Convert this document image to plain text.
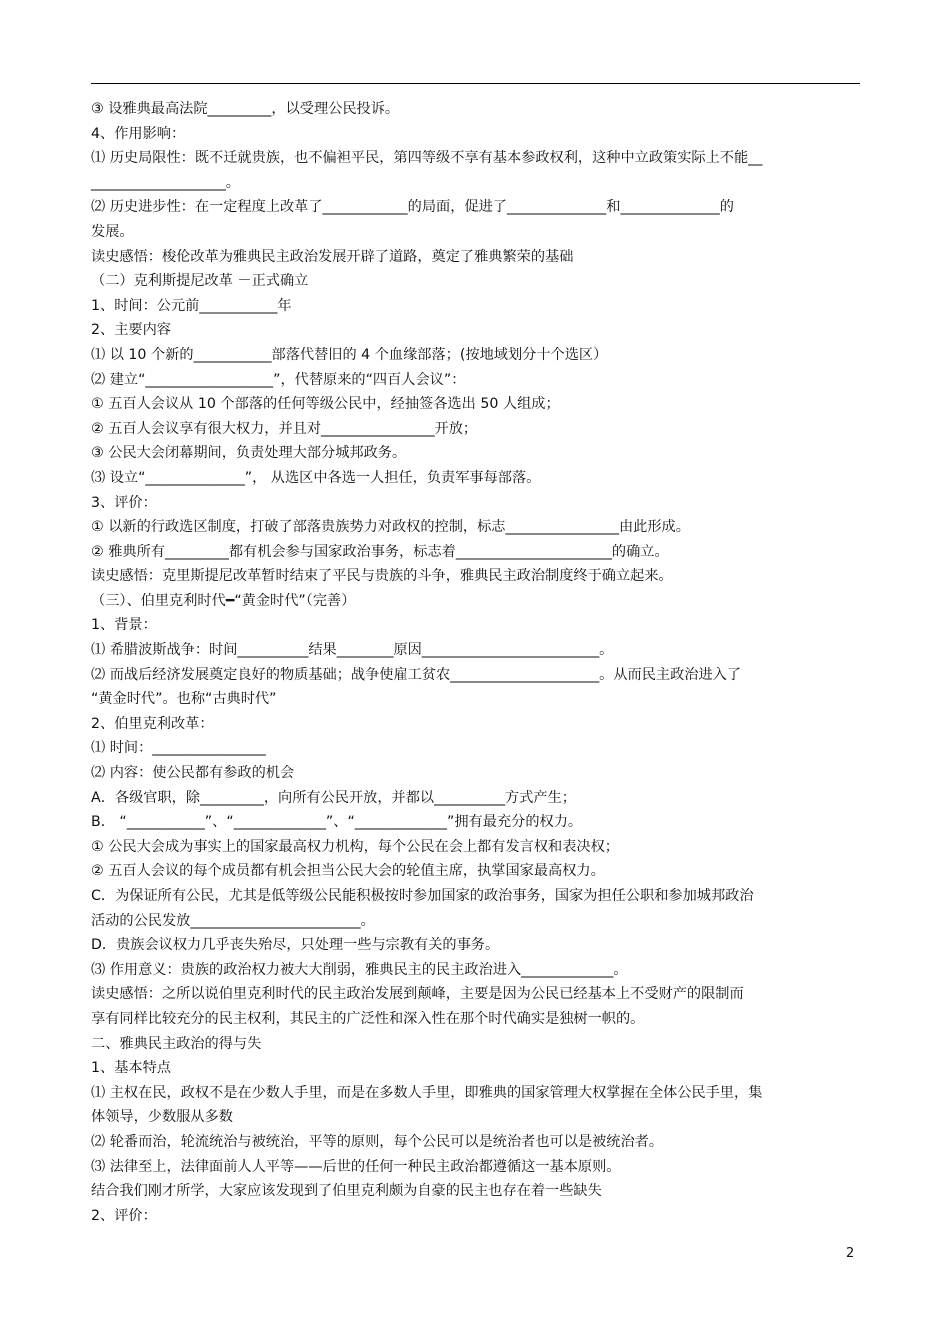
③ 设雅典最高法院_________，以受理公民投诉。
4、作用影响：
⑴ 历史局限性：既不迁就贵族，也不偏袒平民，第四等级不享有基本参政权利，这种中立政策实际上不能__
___________________。
⑵ 历史进步性：在一定程度上改革了____________的局面，促进了______________和______________的
发展。
读史感悟：梭伦改革为雅典民主政治发展开辟了道路，奠定了雅典繁荣的基础
（二）克利斯提尼改革 －正式确立
1、时间：公元前___________年
2、主要内容
⑴ 以 10 个新的___________部落代替旧的 4 个血缘部落；(按地域划分十个选区）
⑵ 建立“__________________”，代替原来的“四百人会议”：
① 五百人会议从 10 个部落的任何等级公民中，经抽签各选出 50 人组成；
② 五百人会议享有很大权力，并且对________________开放；
③ 公民大会闭幕期间，负责处理大部分城邦政务。
⑶ 设立“______________”， 从选区中各选一人担任，负责军事每部落。
3、评价：
① 以新的行政选区制度，打破了部落贵族势力对政权的控制，标志________________由此形成。
② 雅典所有_________都有机会参与国家政治事务，标志着______________________的确立。
读史感悟：克里斯提尼改革暂时结束了平民与贵族的斗争，雅典民主政治制度终于确立起来。
（三）、伯里克利时代━“黄金时代”（完善）
1、背景：
⑴ 希腊波斯战争：时间__________结果________原因_________________________。
⑵ 而战后经济发展奠定良好的物质基础；战争使雇工贫农_____________________。从而民主政治进入了
“黄金时代”。也称“古典时代”
2、伯里克利改革：
⑴ 时间：________________
⑵ 内容：使公民都有参政的机会
A．各级官职，除_________，向所有公民开放，并都以__________方式产生；
B． “___________”、“_____________”、“_____________”拥有最充分的权力。
① 公民大会成为事实上的国家最高权力机构，每个公民在会上都有发言权和表决权；
② 五百人会议的每个成员都有机会担当公民大会的轮值主席，执掌国家最高权力。
C．为保证所有公民，尤其是低等级公民能积极按时参加国家的政治事务，国家为担任公职和参加城邦政治
活动的公民发放________________________。
D．贵族会议权力几乎丧失殆尽，只处理一些与宗教有关的事务。
⑶ 作用意义：贵族的政治权力被大大削弱，雅典民主的民主政治进入_____________。
读史感悟：之所以说伯里克利时代的民主政治发展到颠峰，主要是因为公民已经基本上不受财产的限制而
享有同样比较充分的民主权利，其民主的广泛性和深入性在那个时代确实是独树一帜的。
二、雅典民主政治的得与失
1、基本特点
⑴ 主权在民，政权不是在少数人手里，而是在多数人手里，即雅典的国家管理大权掌握在全体公民手里，集
体领导，少数服从多数
⑵ 轮番而治，轮流统治与被统治，平等的原则，每个公民可以是统治者也可以是被统治者。
⑶ 法律至上，法律面前人人平等——后世的任何一种民主政治都遵循这一基本原则。
结合我们刚才所学，大家应该发现到了伯里克利颇为自豪的民主也存在着一些缺失
2、评价：
2
